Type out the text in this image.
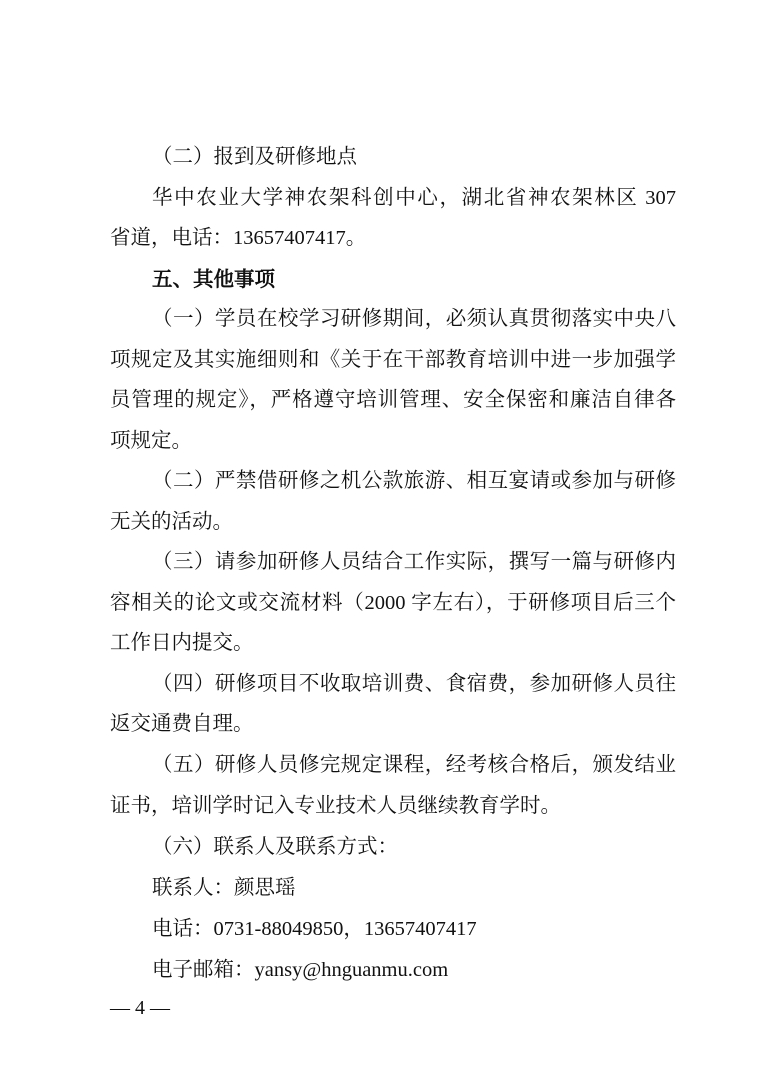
（二）报到及研修地点
华中农业大学神农架科创中心，湖北省神农架林区 307
省道，电话：13657407417。
五、其他事项
（一）学员在校学习研修期间，必须认真贯彻落实中央八
项规定及其实施细则和《关于在干部教育培训中进一步加强学
员管理的规定》，严格遵守培训管理、安全保密和廉洁自律各
项规定。
（二）严禁借研修之机公款旅游、相互宴请或参加与研修
无关的活动。
（三）请参加研修人员结合工作实际，撰写一篇与研修内
容相关的论文或交流材料（2000 字左右），于研修项目后三个
工作日内提交。
（四）研修项目不收取培训费、食宿费，参加研修人员往
返交通费自理。
（五）研修人员修完规定课程，经考核合格后，颁发结业
证书，培训学时记入专业技术人员继续教育学时。
（六）联系人及联系方式：
联系人：颜思瑶
电话：0731-88049850，13657407417
电子邮箱：yansy@hnguanmu.com
— 4 —
